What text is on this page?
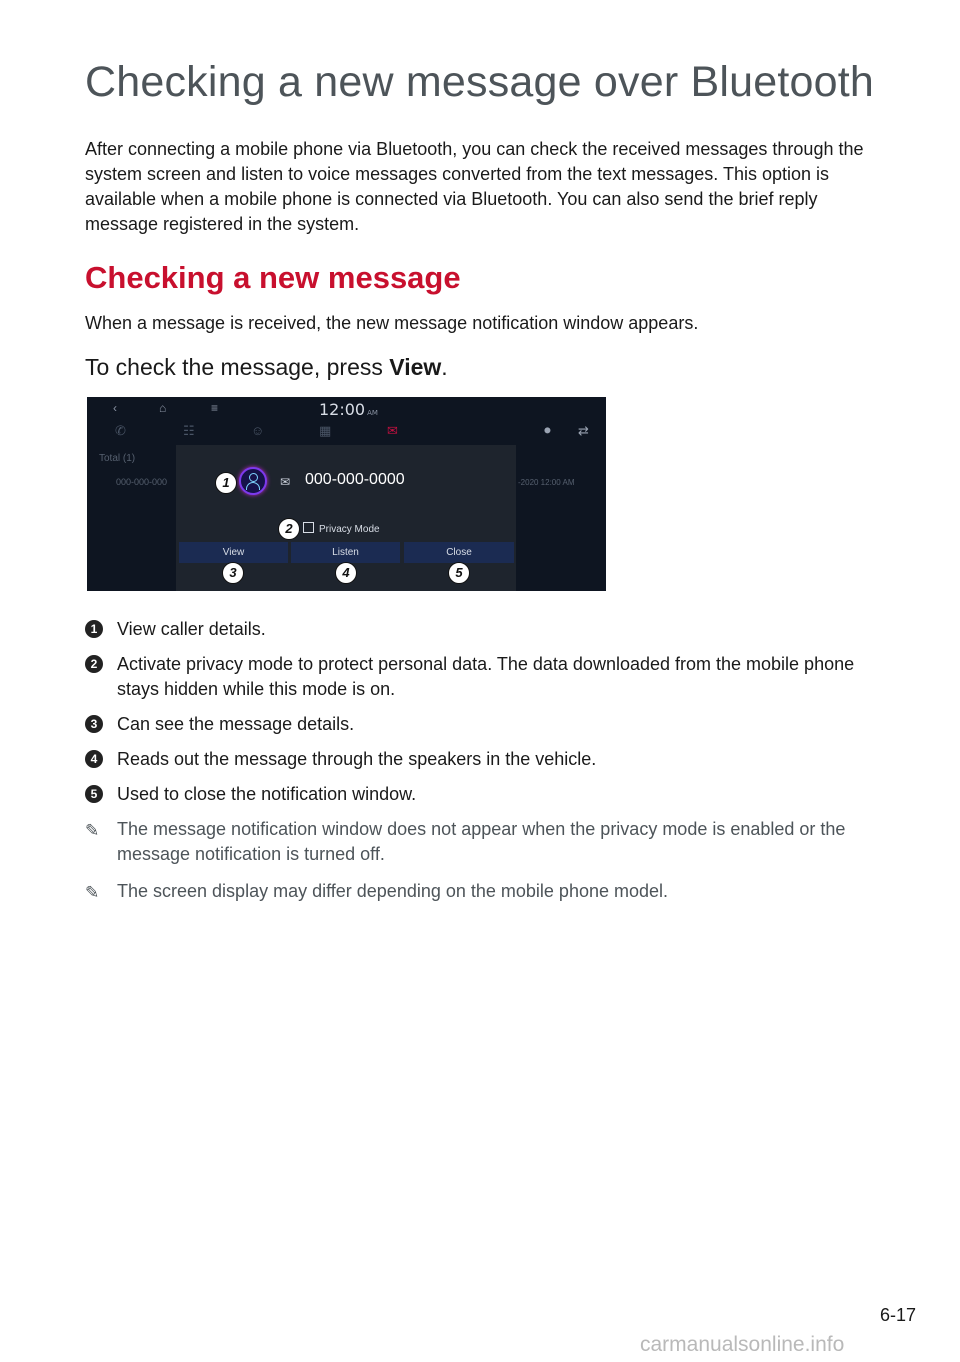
Checking a new message over Bluetooth
After connecting a mobile phone via Bluetooth, you can check the received messages through the system screen and listen to voice messages converted from the text messages. This option is available when a mobile phone is connected via Bluetooth. You can also send the brief reply message registered in the system.
Checking a new message
When a message is received, the new message notification window appears.
To check the message, press View.
‹	⌂	≡	12:00 AM
✆	☷	☺	▦	✉	⚫ ⇄
Total (1)
000-000-000	-2020 12:00 AM
✉ 000-000-0000
Privacy Mode
View	Listen	Close
1
2
3	4	5
1	View caller details.
2	Activate privacy mode to protect personal data. The data downloaded from the mobile phone stays hidden while this mode is on.
3	Can see the message details.
4	Reads out the message through the speakers in the vehicle.
5	Used to close the notification window.
✎ The message notification window does not appear when the privacy mode is enabled or the message notification is turned off.
✎ The screen display may differ depending on the mobile phone model.
6-17
carmanualsonline.info
